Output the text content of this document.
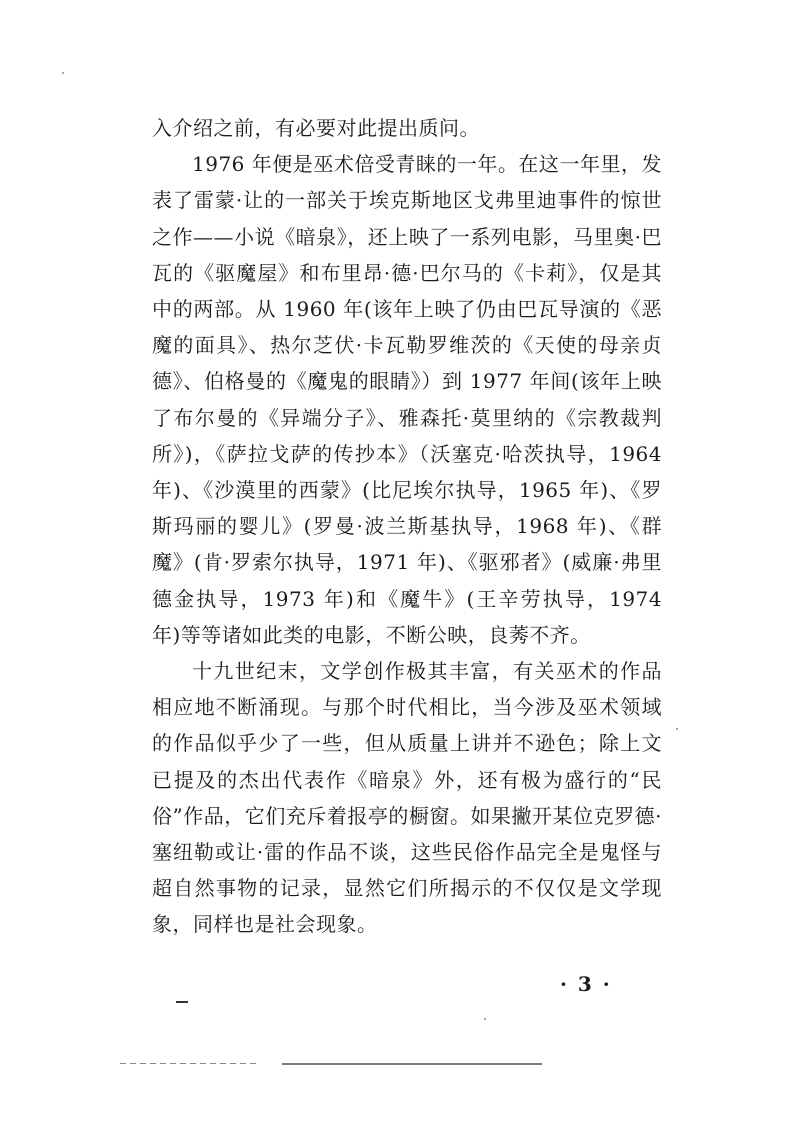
入介绍之前，有必要对此提出质问。

1976 年便是巫术倍受青睐的一年。在这一年里，发表了雷蒙·让的一部关于埃克斯地区戈弗里迪事件的惊世之作——小说《暗泉》，还上映了一系列电影，马里奥·巴瓦的《驱魔屋》和布里昂·德·巴尔马的《卡莉》，仅是其中的两部。从 1960 年(该年上映了仍由巴瓦导演的《恶魔的面具》、热尔芝伏·卡瓦勒罗维茨的《天使的母亲贞德》、伯格曼的《魔鬼的眼睛》）到 1977 年间(该年上映了布尔曼的《异端分子》、雅森托·莫里纳的《宗教裁判所》)，《萨拉戈萨的传抄本》（沃塞克·哈茨执导，1964 年)、《沙漠里的西蒙》(比尼埃尔执导，1965 年)、《罗斯玛丽的婴儿》(罗曼·波兰斯基执导，1968 年)、《群魔》(肯·罗索尔执导，1971 年)、《驱邪者》(威廉·弗里德金执导，1973 年)和《魔牛》(王辛劳执导，1974 年)等等诸如此类的电影，不断公映，良莠不齐。

十九世纪末，文学创作极其丰富，有关巫术的作品相应地不断涌现。与那个时代相比，当今涉及巫术领域的作品似乎少了一些，但从质量上讲并不逊色；除上文已提及的杰出代表作《暗泉》外，还有极为盛行的“民俗”作品，它们充斥着报亭的橱窗。如果撇开某位克罗德·塞纽勒或让·雷的作品不谈，这些民俗作品完全是鬼怪与超自然事物的记录，显然它们所揭示的不仅仅是文学现象，同样也是社会现象。

· 3 ·
